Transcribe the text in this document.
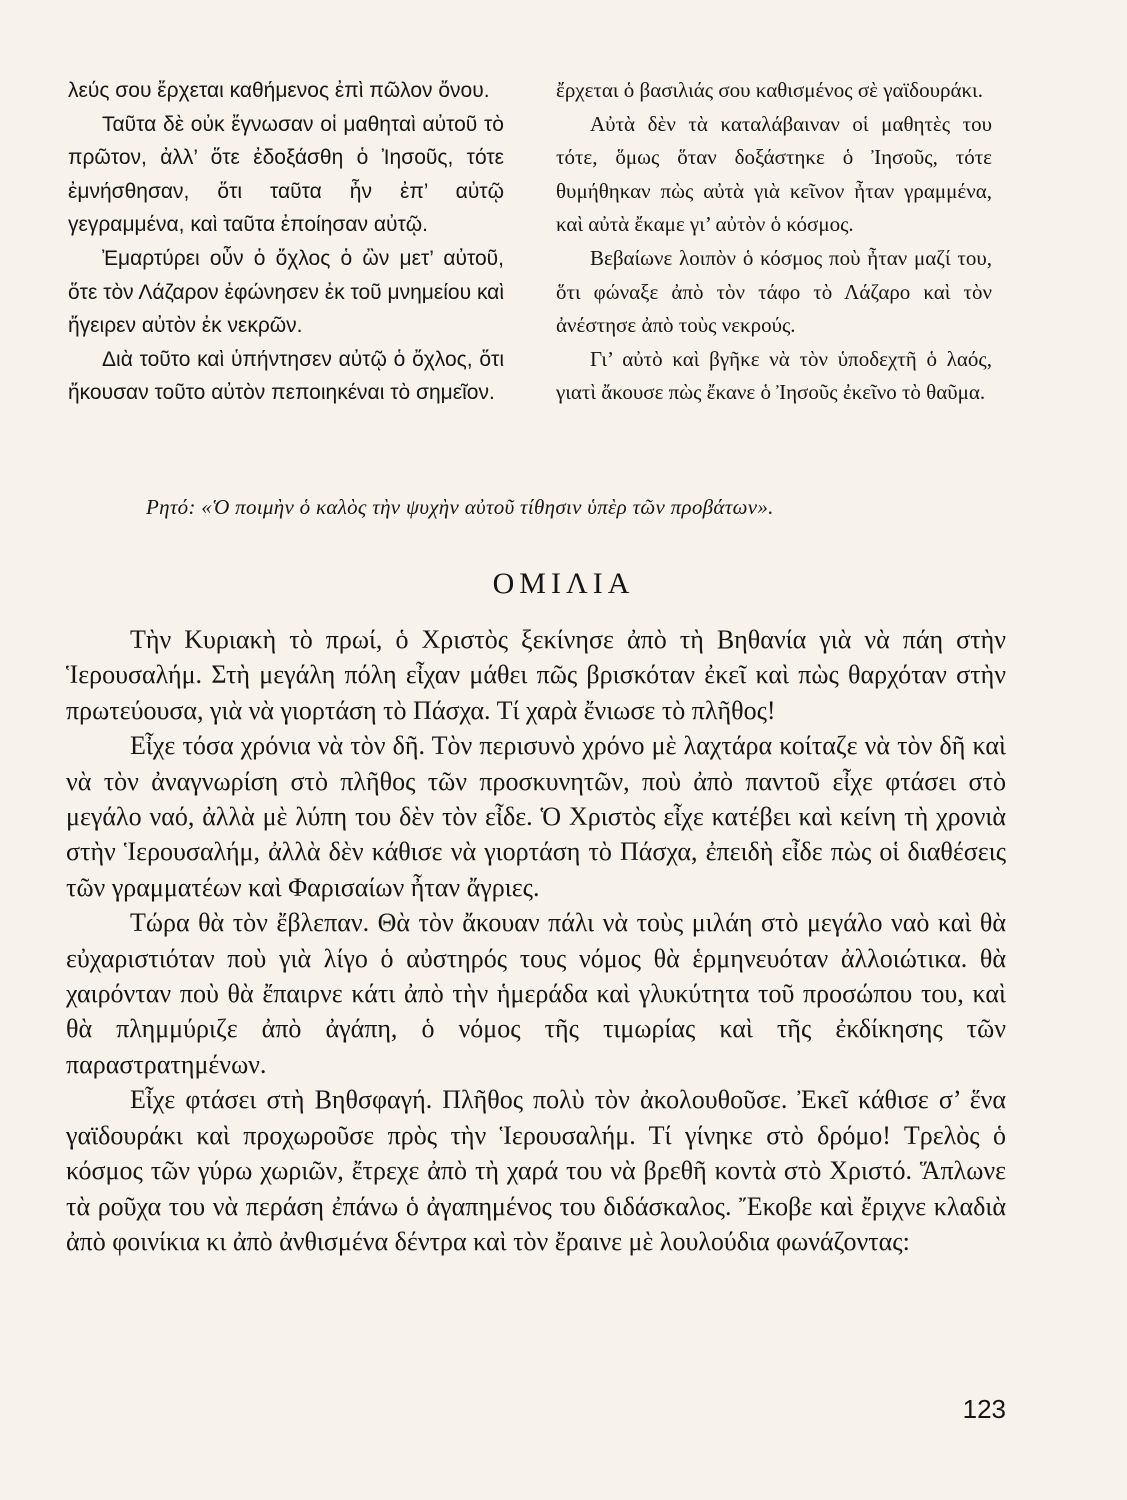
λεύς σου ἔρχεται καθήμενος ἐπὶ πῶλον ὄνου.

Ταῦτα δὲ οὐκ ἔγνωσαν οἱ μαθηταὶ αὐτοῦ τὸ πρῶτον, ἀλλ’ ὅτε ἐδοξάσθη ὁ Ἰησοῦς, τότε ἐμνήσθησαν, ὅτι ταῦτα ἦν ἐπ’ αὐτῷ γεγραμμένα, καὶ ταῦτα ἐποίησαν αὐτῷ.

Ἐμαρτύρει οὖν ὁ ὄχλος ὁ ὢν μετ’ αὐτοῦ, ὅτε τὸν Λάζαρον ἐφώνησεν ἐκ τοῦ μνημείου καὶ ἤγειρεν αὐτὸν ἐκ νεκρῶν.

Διὰ τοῦτο καὶ ὑπήντησεν αὐτῷ ὁ ὄχλος, ὅτι ἤκουσαν τοῦτο αὐτὸν πεποιηκέναι τὸ σημεῖον.

ἔρχεται ὁ βασιλιάς σου καθισμένος σὲ γαϊδουράκι.

Αὐτὰ δὲν τὰ καταλάβαιναν οἱ μαθητὲς του τότε, ὅμως ὅταν δοξάστηκε ὁ Ἰησοῦς, τότε θυμήθηκαν πὼς αὐτὰ γιὰ κεῖνον ἦταν γραμμένα, καὶ αὐτὰ ἔκαμε γι’ αὐτὸν ὁ κόσμος.

Βεβαίωνε λοιπὸν ὁ κόσμος ποὺ ἦταν μαζί του, ὅτι φώναξε ἀπὸ τὸν τάφο τὸ Λάζαρο καὶ τὸν ἀνέστησε ἀπὸ τοὺς νεκρούς.

Γι’ αὐτὸ καὶ βγῆκε νὰ τὸν ὑποδεχτῆ ὁ λαός, γιατὶ ἄκουσε πὼς ἔκανε ὁ Ἰησοῦς ἐκεῖνο τὸ θαῦμα.

Ρητό: «Ὁ ποιμὴν ὁ καλὸς τὴν ψυχὴν αὐτοῦ τίθησιν ὑπὲρ τῶν προβάτων».
ΟΜΙΛΙΑ

Τὴν Κυριακὴ τὸ πρωί, ὁ Χριστὸς ξεκίνησε ἀπὸ τὴ Βηθανία γιὰ νὰ πάη στὴν Ἱερουσαλήμ. Στὴ μεγάλη πόλη εἶχαν μάθει πῶς βρισκόταν ἐκεῖ καὶ πὼς θαρχόταν στὴν πρωτεύουσα, γιὰ νὰ γιορτάση τὸ Πάσχα. Τί χαρὰ ἔνιωσε τὸ πλῆθος!

Εἶχε τόσα χρόνια νὰ τὸν δῆ. Τὸν περισυνὸ χρόνο μὲ λαχτάρα κοίταζε νὰ τὸν δῆ καὶ νὰ τὸν ἀναγνωρίση στὸ πλῆθος τῶν προσκυνητῶν, ποὺ ἀπὸ παντοῦ εἶχε φτάσει στὸ μεγάλο ναό, ἀλλὰ μὲ λύπη του δὲν τὸν εἶδε. Ὁ Χριστὸς εἶχε κατέβει καὶ κείνη τὴ χρονιὰ στὴν Ἱερουσαλήμ, ἀλλὰ δὲν κάθισε νὰ γιορτάση τὸ Πάσχα, ἐπειδὴ εἶδε πὼς οἱ διαθέσεις τῶν γραμματέων καὶ Φαρισαίων ἦταν ἄγριες.

Τώρα θὰ τὸν ἔβλεπαν. Θὰ τὸν ἄκουαν πάλι νὰ τοὺς μιλάη στὸ μεγάλο ναὸ καὶ θὰ εὐχαριστιόταν ποὺ γιὰ λίγο ὁ αὐστηρός τους νόμος θὰ ἑρμηνευόταν ἀλλοιώτικα. θὰ χαιρόνταν ποὺ θὰ ἔπαιρνε κάτι ἀπὸ τὴν ἡμεράδα καὶ γλυκύτητα τοῦ προσώπου του, καὶ θὰ πλημμύριζε ἀπὸ ἀγάπη, ὁ νόμος τῆς τιμωρίας καὶ τῆς ἐκδίκησης τῶν παραστρατημένων.

Εἶχε φτάσει στὴ Βηθσφαγή. Πλῆθος πολὺ τὸν ἀκολουθοῦσε. Ἐκεῖ κάθισε σ’ ἕνα γαϊδουράκι καὶ προχωροῦσε πρὸς τὴν Ἱερουσαλήμ. Τί γίνηκε στὸ δρόμο! Τρελὸς ὁ κόσμος τῶν γύρω χωριῶν, ἔτρεχε ἀπὸ τὴ χαρά του νὰ βρεθῆ κοντὰ στὸ Χριστό. Ἅπλωνε τὰ ροῦχα του νὰ περάση ἐπάνω ὁ ἀγαπημένος του διδάσκαλος. Ἔκοβε καὶ ἔριχνε κλαδιὰ ἀπὸ φοινίκια κι ἀπὸ ἀνθισμένα δέντρα καὶ τὸν ἔραινε μὲ λουλούδια φωνάζοντας:

123
